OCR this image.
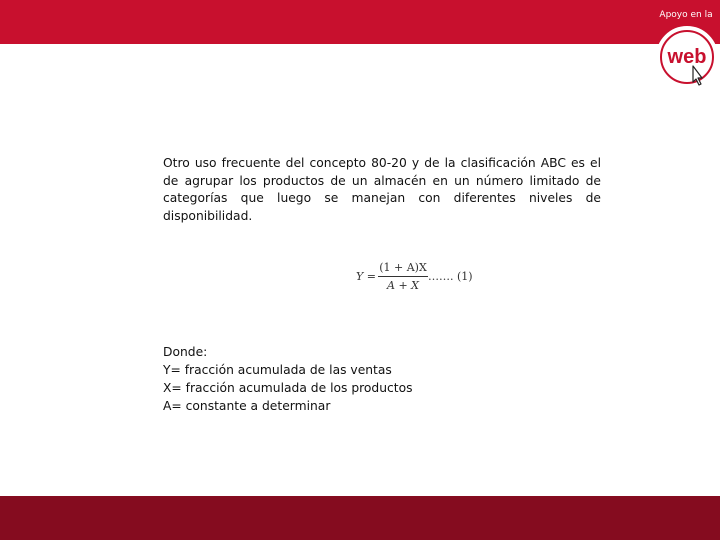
Apoyo en la
web

Otro uso frecuente del concepto 80-20 y de la clasificación ABC es el de agrupar los productos de un almacén en un número limitado de categorías que luego se manejan con diferentes niveles de disponibilidad.

Y =
(1 + A)X
A + X
……. (1)
Donde:
Y= fracción acumulada de las ventas
X= fracción acumulada de los productos
A= constante a determinar
